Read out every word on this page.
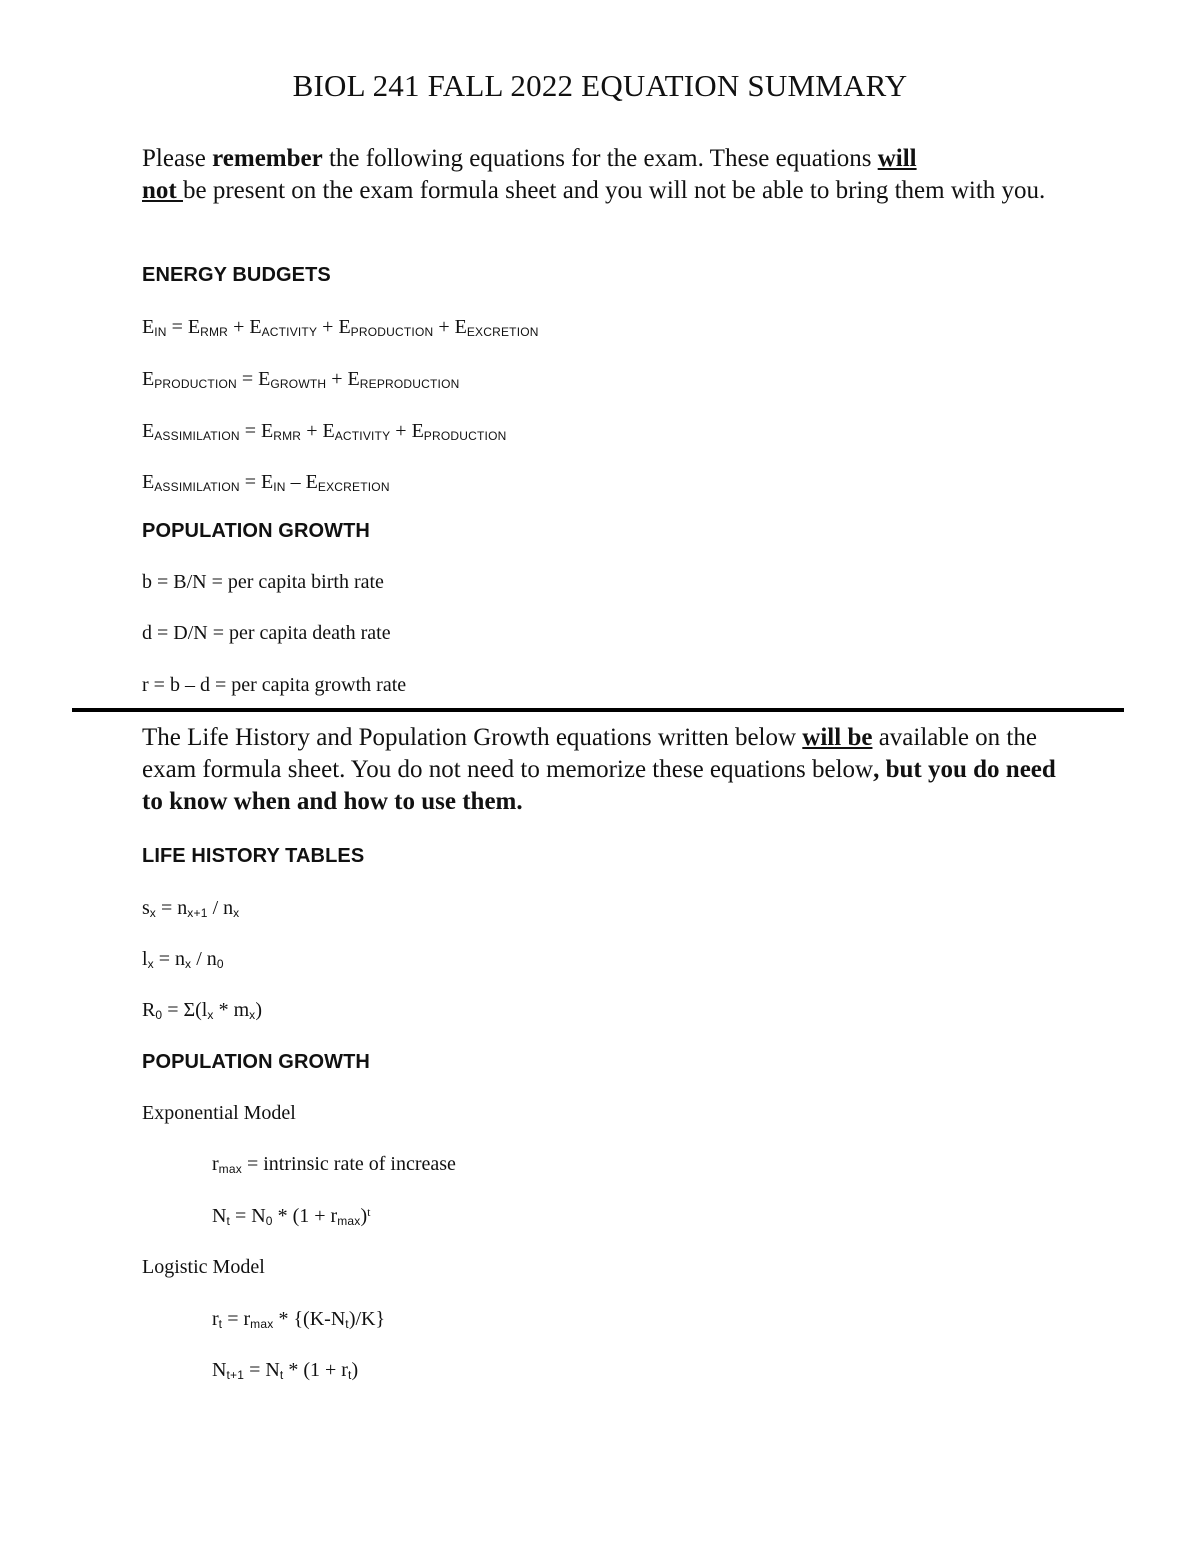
BIOL 241 FALL 2022 EQUATION SUMMARY
Please remember the following equations for the exam. These equations will
not be present on the exam formula sheet and you will not be able to bring them with you.
ENERGY BUDGETS
$E_{IN} = E_{RMR} + E_{ACTIVITY} + E_{PRODUCTION} + E_{EXCRETION}$
$E_{PRODUCTION} = E_{GROWTH} + E_{REPRODUCTION}$
$E_{ASSIMILATION} = E_{RMR} + E_{ACTIVITY} + E_{PRODUCTION}$
$E_{ASSIMILATION} = E_{IN} - E_{EXCRETION}$
POPULATION GROWTH
b = B/N = per capita birth rate
d = D/N = per capita death rate
r = b – d = per capita growth rate
The Life History and Population Growth equations written below will be available on the exam formula sheet. You do not need to memorize these equations below, but you do need to know when and how to use them.
LIFE HISTORY TABLES
$s_x = n_{x+1} / n_x$
$l_x = n_x / n_0$
$R_0 = \Sigma(l_x * m_x)$
POPULATION GROWTH
Exponential Model
$r_{max}$ = intrinsic rate of increase
$N_t = N_0 * (1 + r_{max})^t$
Logistic Model
$r_t = r_{max} * \{(K-N_t)/K\}$
$N_{t+1} = N_t * (1 + r_t)$
